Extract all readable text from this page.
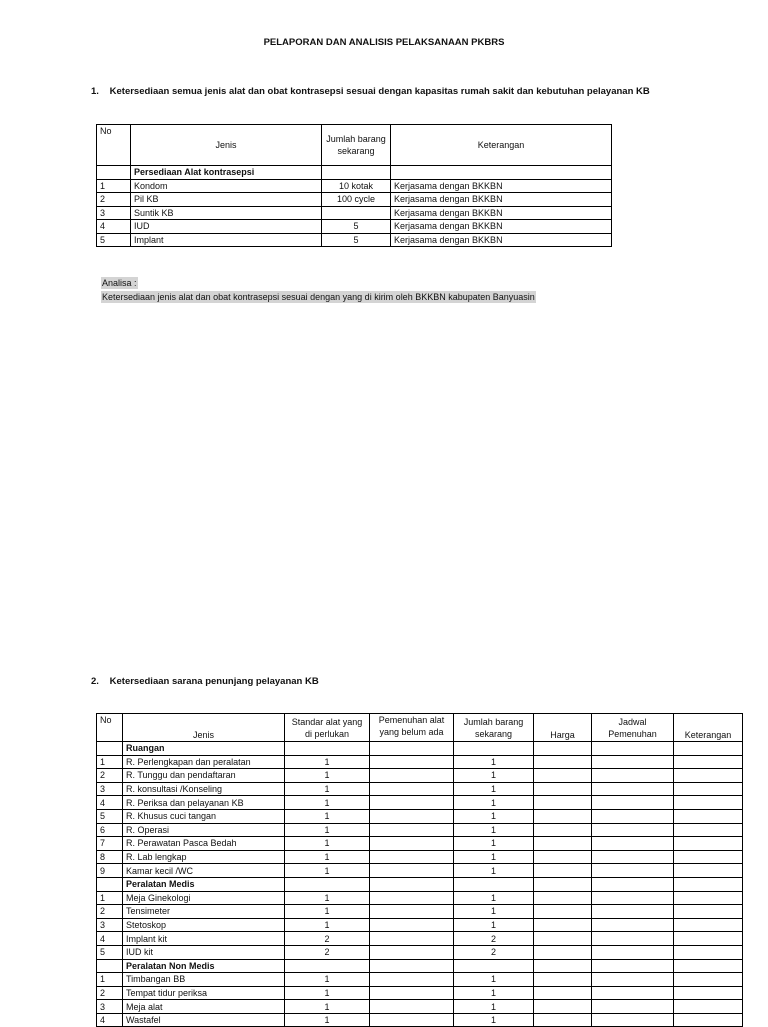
PELAPORAN DAN ANALISIS PELAKSANAAN PKBRS
1. Ketersediaan semua jenis alat dan obat kontrasepsi sesuai dengan kapasitas rumah sakit dan kebutuhan pelayanan KB
No	Jenis	Jumlah barang sekarang	Keterangan
	Persediaan Alat kontrasepsi		
1	Kondom	10 kotak	Kerjasama dengan BKKBN
2	Pil KB	100 cycle	Kerjasama dengan BKKBN
3	Suntik KB		Kerjasama dengan BKKBN
4	IUD	5	Kerjasama dengan BKKBN
5	Implant	5	Kerjasama dengan BKKBN
Analisa :
Ketersediaan jenis alat dan obat kontrasepsi sesuai dengan yang di kirim oleh BKKBN kabupaten Banyuasin
2. Ketersediaan sarana penunjang pelayanan KB
No	Jenis	Standar alat yang di perlukan	Pemenuhan alat yang belum ada	Jumlah barang sekarang	Harga	Jadwal Pemenuhan	Keterangan
	Ruangan						
1	R. Perlengkapan dan peralatan	1		1			
2	R. Tunggu dan pendaftaran	1		1			
3	R. konsultasi /Konseling	1		1			
4	R. Periksa dan pelayanan KB	1		1			
5	R. Khusus cuci tangan	1		1			
6	R. Operasi	1		1			
7	R. Perawatan Pasca Bedah	1		1			
8	R. Lab lengkap	1		1			
9	Kamar kecil /WC	1		1			
	Peralatan Medis						
1	Meja Ginekologi	1		1			
2	Tensimeter	1		1			
3	Stetoskop	1		1			
4	Implant kit	2		2			
5	IUD kit	2		2			
	Peralatan Non Medis						
1	Timbangan BB	1		1			
2	Tempat tidur periksa	1		1			
3	Meja alat	1		1			
4	Wastafel	1		1			
